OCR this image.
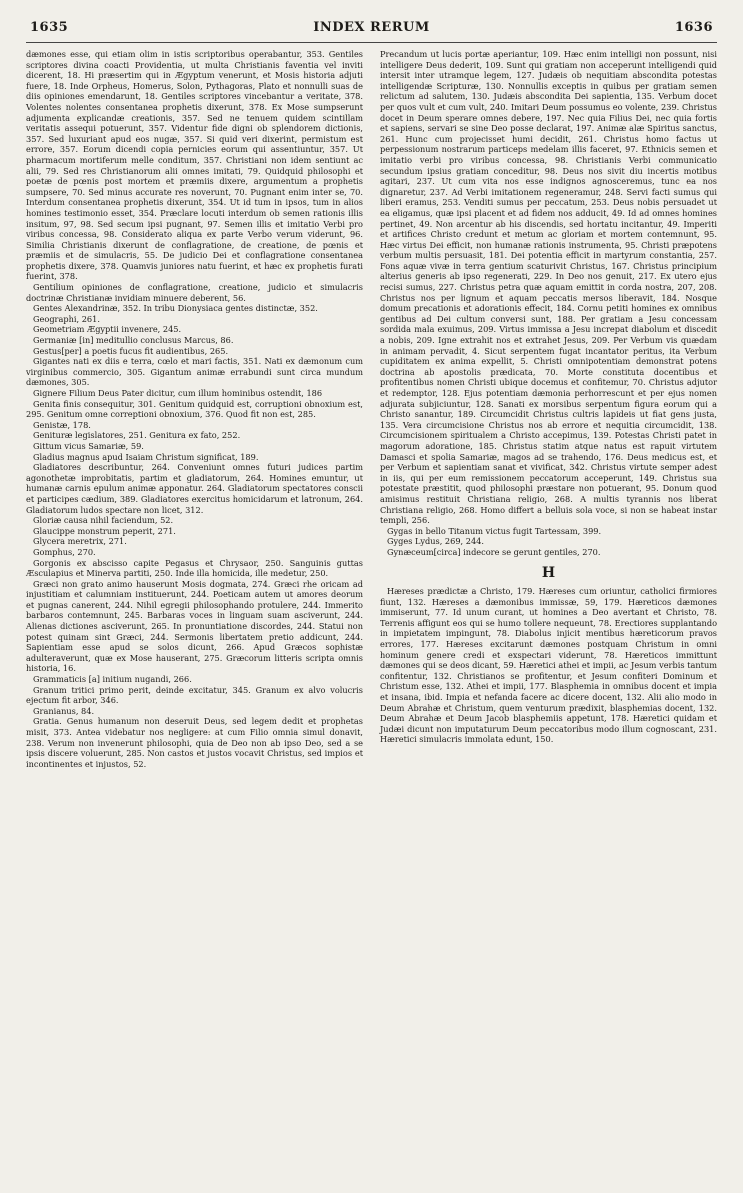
1635	INDEX RERUM	1636

dæmones esse, qui etiam olim in istis scriptoribus operabantur, 353. Gentiles scriptores divina coacti Providentia, ut multa Christianis faventia vel inviti dicerent, 18. Hi præsertim qui in Ægyptum venerunt, et Mosis historia adjuti fuere, 18. Inde Orpheus, Homerus, Solon, Pythagoras, Plato et nonnulli suas de diis opiniones emendarunt, 18. Gentiles scriptores vincebantur a veritate, 378. Volentes nolentes consentanea prophetis dixerunt, 378. Ex Mose sumpserunt adjumenta explicandæ creationis, 357. Sed ne tenuem quidem scintillam veritatis assequi potuerunt, 357. Videntur fide digni ob splendorem dictionis, 357. Sed luxuriant apud eos nugæ, 357. Si quid veri dixerint, permistum est errore, 357. Eorum dicendi copia pernicies eorum qui assentiuntur, 357. Ut pharmacum mortiferum melle conditum, 357. Christiani non idem sentiunt ac alii, 79. Sed res Christianorum alii omnes imitati, 79. Quidquid philosophi et poetæ de pœnis post mortem et præmiis dixere, argumentum a prophetis sumpsere, 70. Sed minus accurate res noverunt, 70. Pugnant enim inter se, 70. Interdum consentanea prophetis dixerunt, 354. Ut id tum in ipsos, tum in alios homines testimonio esset, 354. Præclare locuti interdum ob semen rationis illis insitum, 97, 98. Sed secum ipsi pugnant, 97. Semen illis et imitatio Verbi pro viribus concessa, 98. Considerato aliqua ex parte Verbo verum viderunt, 96. Similia Christianis dixerunt de conflagratione, de creatione, de pœnis et præmiis et de simulacris, 55. De judicio Dei et conflagratione consentanea prophetis dixere, 378. Quamvis juniores natu fuerint, et hæc ex prophetis furati fuerint, 378.

Gentilium opiniones de conflagratione, creatione, judicio et simulacris doctrinæ Christianæ invidiam minuere deberent, 56.

Gentes Alexandrinæ, 352. In tribu Dionysiaca gentes distinctæ, 352.

Geographi, 261.

Geometriam Ægyptii invenere, 245.

Germaniæ [in] meditullio conclusus Marcus, 86.

Gestus[per] a poetis fucus fit audientibus, 265.

Gigantes nati ex diis e terra, cœlo et mari factis, 351. Nati ex dæmonum cum virginibus commercio, 305. Gigantum animæ errabundi sunt circa mundum dæmones, 305.

Gignere Filium Deus Pater dicitur, cum illum hominibus ostendit, 186

Genita finis consequitur, 301. Genitum quidquid est, corruptioni obnoxium est, 295. Genitum omne correptioni obnoxium, 376. Quod fit non est, 285.

Genistæ, 178.

Genituræ legislatores, 251. Genitura ex fato, 252.

Gittum vicus Samariæ, 59.

Gladius magnus apud Isaiam Christum significat, 189.

Gladiatores describuntur, 264. Conveniunt omnes futuri judices partim agonothetæ improbitatis, partim et gladiatorum, 264. Homines emuntur, ut humanæ carnis epulum animæ apponatur. 264. Gladiatorum spectatores conscii et participes cædium, 389. Gladiatores exercitus homicidarum et latronum, 264. Gladiatorum ludos spectare non licet, 312.

Gloriæ causa nihil faciendum, 52.

Glaucippe monstrum peperit, 271.

Glycera meretrix, 271.

Gomphus, 270.

Gorgonis ex abscisso capite Pegasus et Chrysaor, 250. Sanguinis guttas Æsculapius et Minerva partiti, 250. Inde illa homicida, ille medetur, 250.

Græci non grato animo hauserunt Mosis dogmata, 274. Græci rhe oricam ad injustitiam et calumniam instituerunt, 244. Poeticam autem ut amores deorum et pugnas canerent, 244. Nihil egregii philosophando protulere, 244. Immerito barbaros contemnunt, 245. Barbaras voces in linguam suam asciverunt, 244. Alienas dictiones asciverunt, 265. In pronuntiatione discordes, 244. Statui non potest quinam sint Græci, 244. Sermonis libertatem pretio addicunt, 244. Sapientiam esse apud se solos dicunt, 266. Apud Græcos sophistæ adulteraverunt, quæ ex Mose hauserant, 275. Græcorum litteris scripta omnis historia, 16.

Grammaticis [a] initium nugandi, 266.

Granum tritici primo perit, deinde excitatur, 345. Granum ex alvo volucris ejectum fit arbor, 346.

Granianus, 84.

Gratia. Genus humanum non deseruit Deus, sed legem dedit et prophetas misit, 373. Antea videbatur nos negligere: at cum Filio omnia simul donavit, 238. Verum non invenerunt philosophi, quia de Deo non ab ipso Deo, sed a se ipsis discere voluerunt, 285. Non castos et justos vocavit Christus, sed impios et incontinentes et injustos, 52.

Precandum ut lucis portæ aperiantur, 109. Hæc enim intelligi non possunt, nisi intelligere Deus dederit, 109. Sunt qui gratiam non acceperunt intelligendi quid intersit inter utramque legem, 127. Judæis ob nequitiam abscondita potestas intelligendæ Scripturæ, 130. Nonnullis exceptis in quibus per gratiam semen relictum ad salutem, 130. Judæis abscondita Dei sapientia, 135. Verbum docet per quos vult et cum vult, 240. Imitari Deum possumus eo volente, 239. Christus docet in Deum sperare omnes debere, 197. Nec quia Filius Dei, nec quia fortis et sapiens, servari se sine Deo posse declarat, 197. Animæ alæ Spiritus sanctus, 261. Hunc cum projecisset humi decidit, 261. Christus homo factus ut perpessionum nostrarum particeps medelam illis faceret, 97. Ethnicis semen et imitatio verbi pro viribus concessa, 98. Christianis Verbi communicatio secundum ipsius gratiam conceditur, 98. Deus nos sivit diu incertis motibus agitari, 237. Ut cum vita nos esse indignos agnosceremus, tunc ea nos dignaretur, 237. Ad Verbi imitationem regeneramur, 248. Servi facti sumus qui liberi eramus, 253. Venditi sumus per peccatum, 253. Deus nobis persuadet ut ea eligamus, quæ ipsi placent et ad fidem nos adducit, 49. Id ad omnes homines pertinet, 49. Non arcentur ab his discendis, sed hortatu incitantur, 49. Imperiti et artifices Christo credunt et metum ac gloriam et mortem contemnunt, 95. Hæc virtus Dei efficit, non humanæ rationis instrumenta, 95. Christi præpotens verbum multis persuasit, 181. Dei potentia efficit in martyrum constantia, 257. Fons aquæ vivæ in terra gentium scaturivit Christus, 167. Christus principium alterius generis ab ipso regenerati, 229. In Deo nos genuit, 217. Ex utero ejus recisi sumus, 227. Christus petra quæ aquam emittit in corda nostra, 207, 208. Christus nos per lignum et aquam peccatis mersos liberavit, 184. Nosque domum precationis et adorationis effecit, 184. Cornu petiti homines ex omnibus gentibus ad Dei cultum conversi sunt, 188. Per gratiam a Jesu concessam sordida mala exuimus, 209. Virtus immissa a Jesu increpat diabolum et discedit a nobis, 209. Igne extrahit nos et extrahet Jesus, 209. Per Verbum vis quædam in animam pervadit, 4. Sicut serpentem fugat incantator peritus, ita Verbum cupiditatem ex anima expellit, 5. Christi omnipotentiam demonstrat potens doctrina ab apostolis prædicata, 70. Morte constituta docentibus et profitentibus nomen Christi ubique docemus et confitemur, 70. Christus adjutor et redemptor, 128. Ejus potentiam dæmonia perhorrescunt et per ejus nomen adjurata subjiciuntur, 128. Sanati ex morsibus serpentum figura eorum qui a Christo sanantur, 189. Circumcidit Christus cultris lapideis ut fiat gens justa, 135. Vera circumcisione Christus nos ab errore et nequitia circumcidit, 138. Circumcisionem spiritualem a Christo accepimus, 139. Potestas Christi patet in magorum adoratione, 185. Christus statim atque natus est rapuit virtutem Damasci et spolia Samariæ, magos ad se trahendo, 176. Deus medicus est, et per Verbum et sapientiam sanat et vivificat, 342. Christus virtute semper adest in iis, qui per eum remissionem peccatorum acceperunt, 149. Christus sua potestate præstitit, quod philosophi præstare non potuerant, 95. Donum quod amisimus restituit Christiana religio, 268. A multis tyrannis nos liberat Christiana religio, 268. Homo differt a belluis sola voce, si non se habeat instar templi, 256.

Gygas in bello Titanum victus fugit Tartessam, 399.

Gyges Lydus, 269, 244.

Gynæceum[circa] indecore se gerunt gentiles, 270.

H

Hæreses prædictæ a Christo, 179. Hæreses cum oriuntur, catholici firmiores fiunt, 132. Hæreses a dæmonibus immissæ, 59, 179. Hæreticos dæmones immiserunt, 77. Id unum curant, ut homines a Deo avertant et Christo, 78. Terrenis affigunt eos qui se humo tollere nequeunt, 78. Erectiores supplantando in impietatem impingunt, 78. Diabolus injicit mentibus hæreticorum pravos errores, 177. Hæreses excitarunt dæmones postquam Christum in omni hominum genere credi et exspectari viderunt, 78. Hæreticos immittunt dæmones qui se deos dicant, 59. Hæretici athei et impii, ac Jesum verbis tantum confitentur, 132. Christianos se profitentur, et Jesum confiteri Dominum et Christum esse, 132. Athei et impii, 177. Blasphemia in omnibus docent et impia et insana, ibid. Impia et nefanda facere ac dicere docent, 132. Alii alio modo in Deum Abrahæ et Christum, quem venturum prædixit, blasphemias docent, 132. Deum Abrahæ et Deum Jacob blasphemiis appetunt, 178. Hæretici quidam et Judæi dicunt non imputaturum Deum peccatoribus modo illum cognoscant, 231. Hæretici simulacris immolata edunt, 150.
